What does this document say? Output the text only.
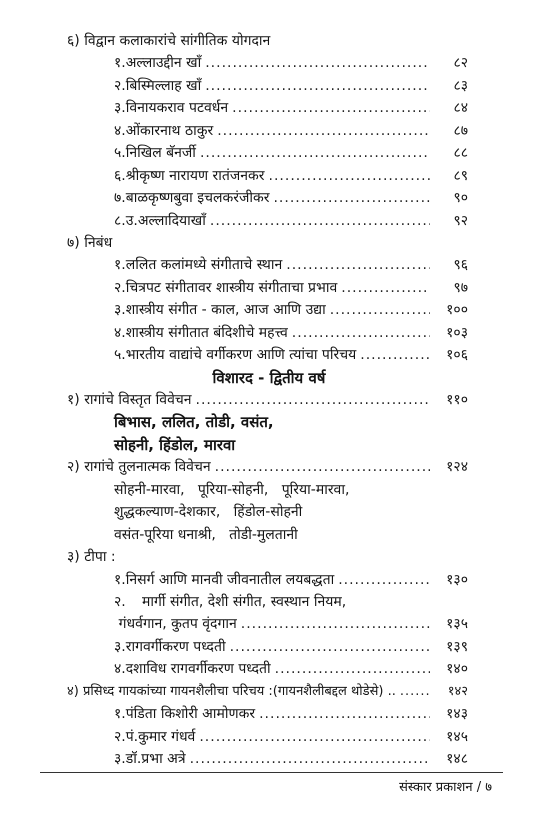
६) विद्वान कलाकारांचे सांगीतिक योगदान
१. अल्लाउद्दीन खाँ .....	८२
२. बिस्मिल्लाह खाँ .....	८३
३. विनायकराव पटवर्धन .....	८४
४. ओंकारनाथ ठाकुर .....	८७
५. निखिल बॅनर्जी .....	८८
६. श्रीकृष्ण नारायण रातंजनकर .....	८९
७. बाळकृष्णबुवा इचलकरंजीकर .....	९०
८. उ.अल्लादियाखाँ .....	९२
७) निबंध
१. ललित कलांमध्ये संगीताचे स्थान .....	९६
२. चित्रपट संगीतावर शास्त्रीय संगीताचा प्रभाव .....	९७
३. शास्त्रीय संगीत - काल, आज आणि उद्या .....	१००
४. शास्त्रीय संगीतात बंदिशीचे महत्त्व .....	१०३
५. भारतीय वाद्यांचे वर्गीकरण आणि त्यांचा परिचय .....	१०६
विशारद - द्वितीय वर्ष
१) रागांचे विस्तृत विवेचन .....	११०
बिभास, ललित, तोडी, वसंत,
सोहनी, हिंडोल, मारवा
२) रागांचे तुलनात्मक विवेचन .....	१२४
सोहनी-मारवा,   पूरिया-सोहनी,   पूरिया-मारवा,
शुद्धकल्याण-देशकार,   हिंडोल-सोहनी
वसंत-पूरिया धनाश्री,   तोडी-मुलतानी
३) टीपा :
१. निसर्ग आणि मानवी जीवनातील लयबद्धता .....	१३०
२.	मार्गी संगीत, देशी संगीत, स्वस्थान नियम,
गंधर्वगान, कुतप वृंदगान .....	१३५
३. रागवर्गीकरण पध्दती .....	१३९
४. दशाविध रागवर्गीकरण पध्दती .....	१४०
४) प्रसिध्द गायकांच्या गायनशैलीचा परिचय :(गायनशैलीबद्दल थोडेसे) .. .....	१४२
१. पंडिता किशोरी आमोणकर .....	१४३
२. पं.कुमार गंधर्व .....	१४५
३. डॉ.प्रभा अत्रे .....	१४८
संस्कार प्रकाशन / ७
